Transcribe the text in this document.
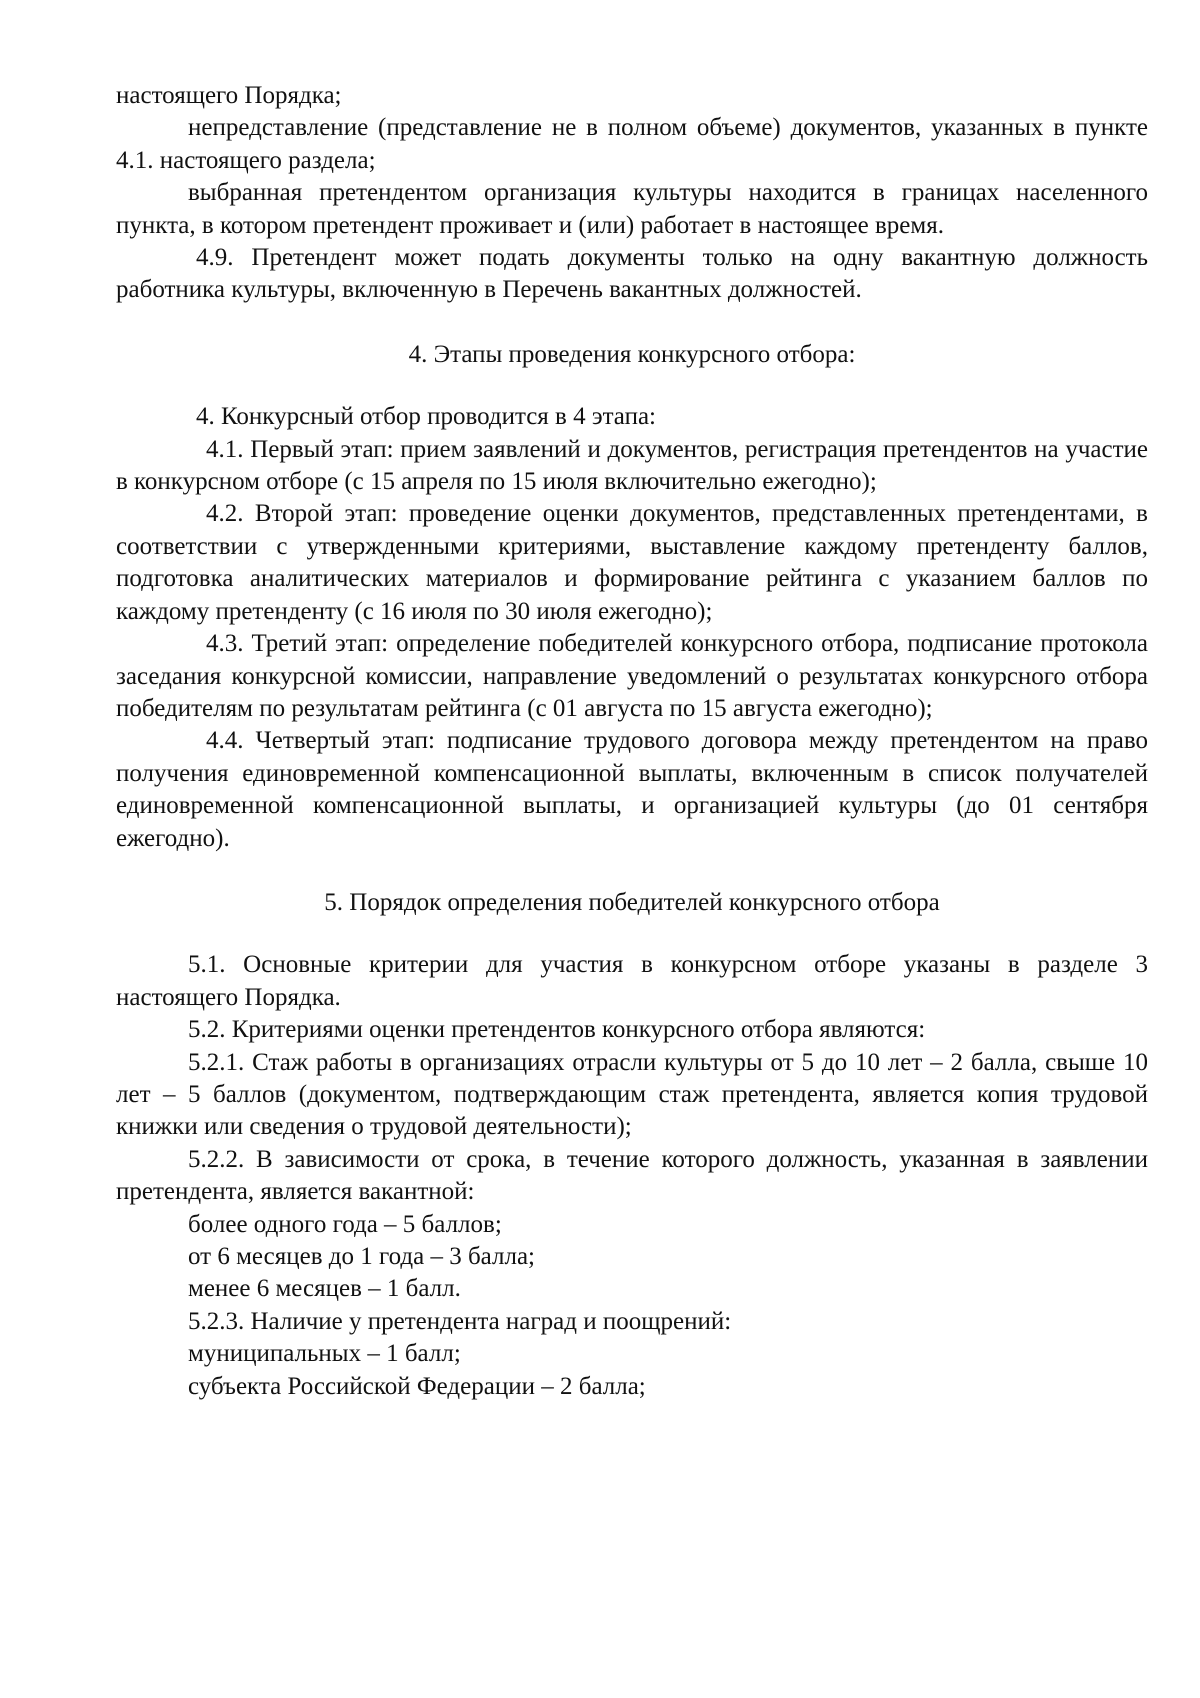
настоящего Порядка;

непредставление (представление не в полном объеме) документов, указанных в пункте 4.1. настоящего раздела;

выбранная претендентом организация культуры находится в границах населенного пункта, в котором претендент проживает и (или) работает в настоящее время.

4.9. Претендент может подать документы только на одну вакантную должность работника культуры, включенную в Перечень вакантных должностей.

4. Этапы проведения конкурсного отбора:

4. Конкурсный отбор проводится в 4 этапа:

4.1. Первый этап: прием заявлений и документов, регистрация претендентов на участие в конкурсном отборе (с 15 апреля по 15 июля включительно ежегодно);

4.2. Второй этап: проведение оценки документов, представленных претендентами, в соответствии с утвержденными критериями, выставление каждому претенденту баллов, подготовка аналитических материалов и формирование рейтинга с указанием баллов по каждому претенденту (с 16 июля по 30 июля ежегодно);

4.3. Третий этап: определение победителей конкурсного отбора, подписание протокола заседания конкурсной комиссии, направление уведомлений о результатах конкурсного отбора победителям по результатам рейтинга (с 01 августа по 15 августа ежегодно);

4.4. Четвертый этап: подписание трудового договора между претендентом на право получения единовременной компенсационной выплаты, включенным в список получателей единовременной компенсационной выплаты, и организацией культуры (до 01 сентября ежегодно).

5. Порядок определения победителей конкурсного отбора

5.1. Основные критерии для участия в конкурсном отборе указаны в разделе 3 настоящего Порядка.

5.2. Критериями оценки претендентов конкурсного отбора являются:

5.2.1. Стаж работы в организациях отрасли культуры от 5 до 10 лет – 2 балла, свыше 10 лет – 5 баллов (документом, подтверждающим стаж претендента, является копия трудовой книжки или сведения о трудовой деятельности);

5.2.2. В зависимости от срока, в течение которого должность, указанная в заявлении претендента, является вакантной:

более одного года – 5 баллов;

от 6 месяцев до 1 года – 3 балла;

менее 6 месяцев – 1 балл.

5.2.3. Наличие у претендента наград и поощрений:

муниципальных – 1 балл;

субъекта Российской Федерации – 2 балла;
